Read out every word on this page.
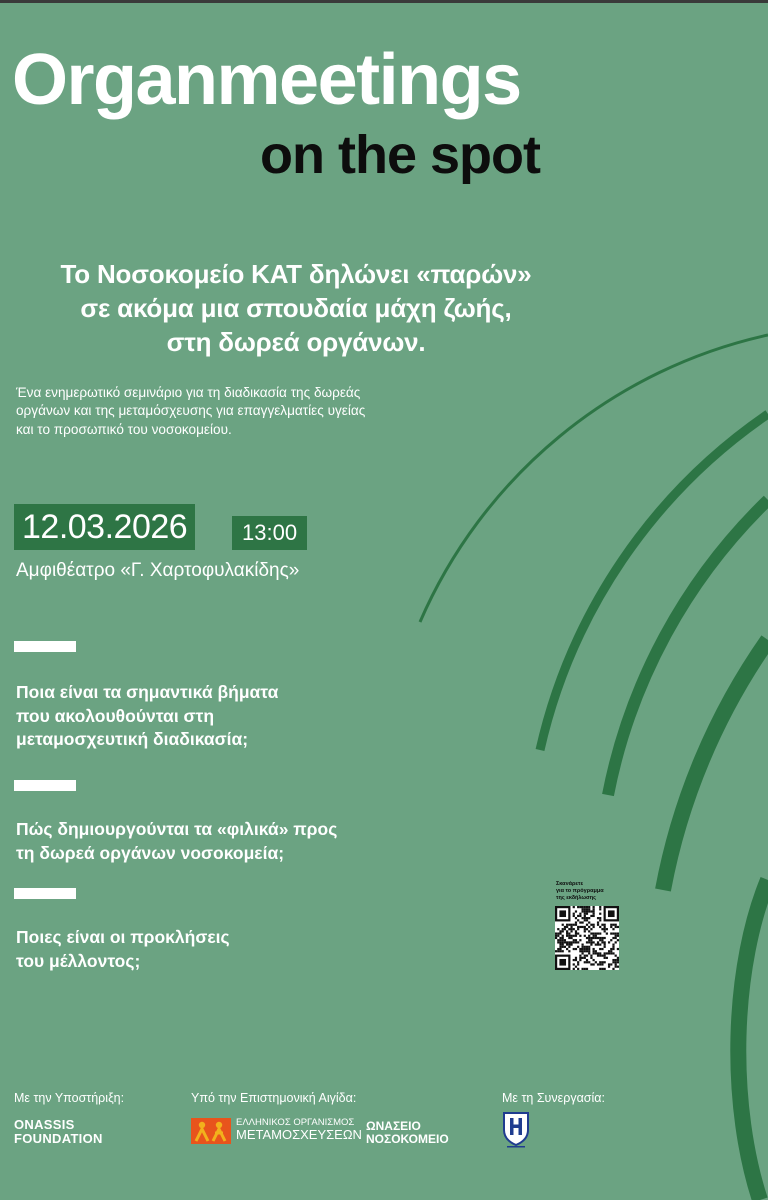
Organmeetings
on the spot
Το Νοσοκομείο ΚΑΤ δηλώνει «παρών»
σε ακόμα μια σπουδαία μάχη ζωής,
στη δωρεά οργάνων.
Ένα ενημερωτικό σεμινάριο για τη διαδικασία της δωρεάς
οργάνων και της μεταμόσχευσης για επαγγελματίες υγείας
και το προσωπικό του νοσοκομείου.
12.03.2026	13:00
Αμφιθέατρο «Γ. Χαρτοφυλακίδης»
Ποια είναι τα σημαντικά βήματα
που ακολουθούνται στη
μεταμοσχευτική διαδικασία;
Πώς δημιουργούνται τα «φιλικά» προς
τη δωρεά οργάνων νοσοκομεία;
Ποιες είναι οι προκλήσεις
του μέλλοντος;
Σκανάρετε
για το πρόγραμμα
της εκδήλωσης
Με την Υποστήριξη:
ONASSIS
FOUNDATION
Υπό την Επιστημονική Αιγίδα:
ΕΛΛΗΝΙΚΟΣ ΟΡΓΑΝΙΣΜΟΣ
ΜΕΤΑΜΟΣΧΕΥΣΕΩΝ
ΩΝΑΣΕΙΟ
ΝΟΣΟΚΟΜΕΙΟ
Με τη Συνεργασία:
